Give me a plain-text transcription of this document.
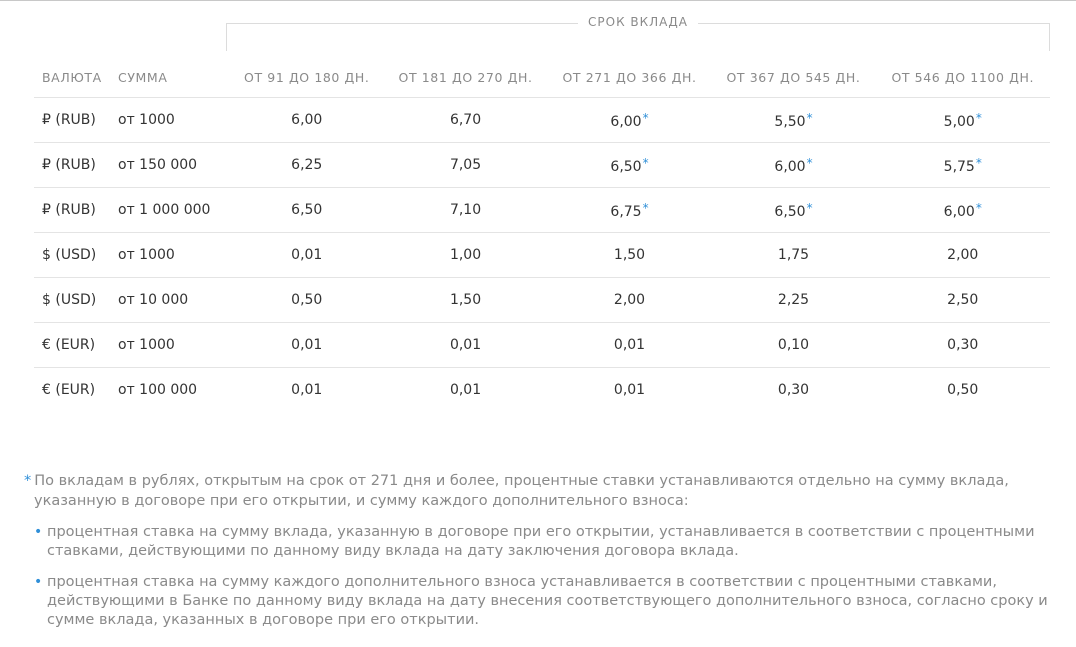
СРОК ВКЛАДА
ВАЛЮТА	СУММА	ОТ 91 ДО 180 ДН.	ОТ 181 ДО 270 ДН.	ОТ 271 ДО 366 ДН.	ОТ 367 ДО 545 ДН.	ОТ 546 ДО 1100 ДН.
₽ (RUB)	от 1000	6,00	6,70	6,00*	5,50*	5,00*
₽ (RUB)	от 150 000	6,25	7,05	6,50*	6,00*	5,75*
₽ (RUB)	от 1 000 000	6,50	7,10	6,75*	6,50*	6,00*
$ (USD)	от 1000	0,01	1,00	1,50	1,75	2,00
$ (USD)	от 10 000	0,50	1,50	2,00	2,25	2,50
€ (EUR)	от 1000	0,01	0,01	0,01	0,10	0,30
€ (EUR)	от 100 000	0,01	0,01	0,01	0,30	0,50
* По вкладам в рублях, открытым на срок от 271 дня и более, процентные ставки устанавливаются отдельно на сумму вклада,
указанную в договоре при его открытии, и сумму каждого дополнительного взноса:
• процентная ставка на сумму вклада, указанную в договоре при его открытии, устанавливается в соответствии с процентными ставками, действующими по данному виду вклада на дату заключения договора вклада.
• процентная ставка на сумму каждого дополнительного взноса устанавливается в соответствии с процентными ставками, действующими в Банке по данному виду вклада на дату внесения соответствующего дополнительного взноса, согласно сроку и сумме вклада, указанных в договоре при его открытии.
